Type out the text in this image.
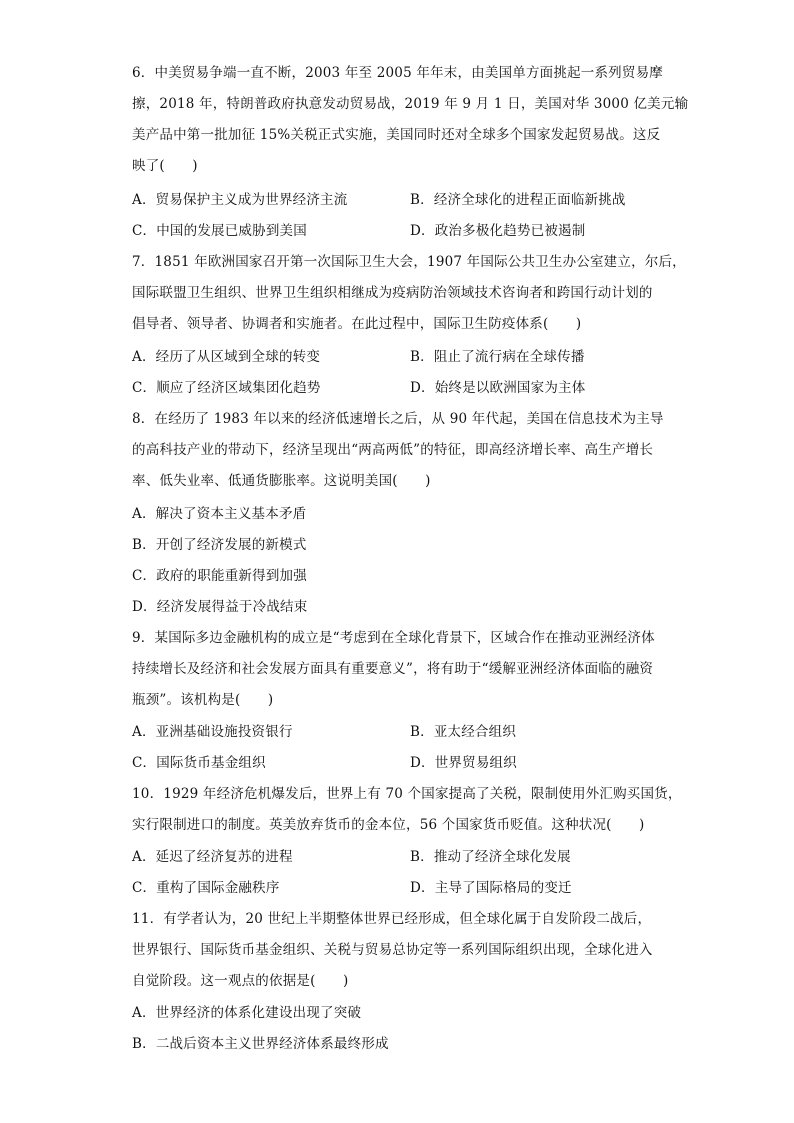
6．中美贸易争端一直不断，2003 年至 2005 年年末，由美国单方面挑起一系列贸易摩
擦，2018 年，特朗普政府执意发动贸易战，2019 年 9 月 1 日，美国对华 3000 亿美元输
美产品中第一批加征 15%关税正式实施，美国同时还对全球多个国家发起贸易战。这反
映了(　　)
A．贸易保护主义成为世界经济主流	B．经济全球化的进程正面临新挑战
C．中国的发展已威胁到美国	D．政治多极化趋势已被遏制
7．1851 年欧洲国家召开第一次国际卫生大会，1907 年国际公共卫生办公室建立，尔后，
国际联盟卫生组织、世界卫生组织相继成为疫病防治领域技术咨询者和跨国行动计划的
倡导者、领导者、协调者和实施者。在此过程中，国际卫生防疫体系(　　)
A．经历了从区域到全球的转变	B．阻止了流行病在全球传播
C．顺应了经济区域集团化趋势	D．始终是以欧洲国家为主体
8．在经历了 1983 年以来的经济低速增长之后，从 90 年代起，美国在信息技术为主导
的高科技产业的带动下，经济呈现出“两高两低”的特征，即高经济增长率、高生产增长
率、低失业率、低通货膨胀率。这说明美国(　　)
A．解决了资本主义基本矛盾
B．开创了经济发展的新模式
C．政府的职能重新得到加强
D．经济发展得益于冷战结束
9．某国际多边金融机构的成立是“考虑到在全球化背景下，区域合作在推动亚洲经济体
持续增长及经济和社会发展方面具有重要意义”，将有助于“缓解亚洲经济体面临的融资
瓶颈”。该机构是(　　)
A．亚洲基础设施投资银行	B．亚太经合组织
C．国际货币基金组织	D．世界贸易组织
10．1929 年经济危机爆发后，世界上有 70 个国家提高了关税，限制使用外汇购买国货，
实行限制进口的制度。英美放弃货币的金本位，56 个国家货币贬值。这种状况(　　)
A．延迟了经济复苏的进程	B．推动了经济全球化发展
C．重构了国际金融秩序	D．主导了国际格局的变迁
11．有学者认为，20 世纪上半期整体世界已经形成，但全球化属于自发阶段二战后，
世界银行、国际货币基金组织、关税与贸易总协定等一系列国际组织出现，全球化进入
自觉阶段。这一观点的依据是(　　)
A．世界经济的体系化建设出现了突破
B．二战后资本主义世界经济体系最终形成
